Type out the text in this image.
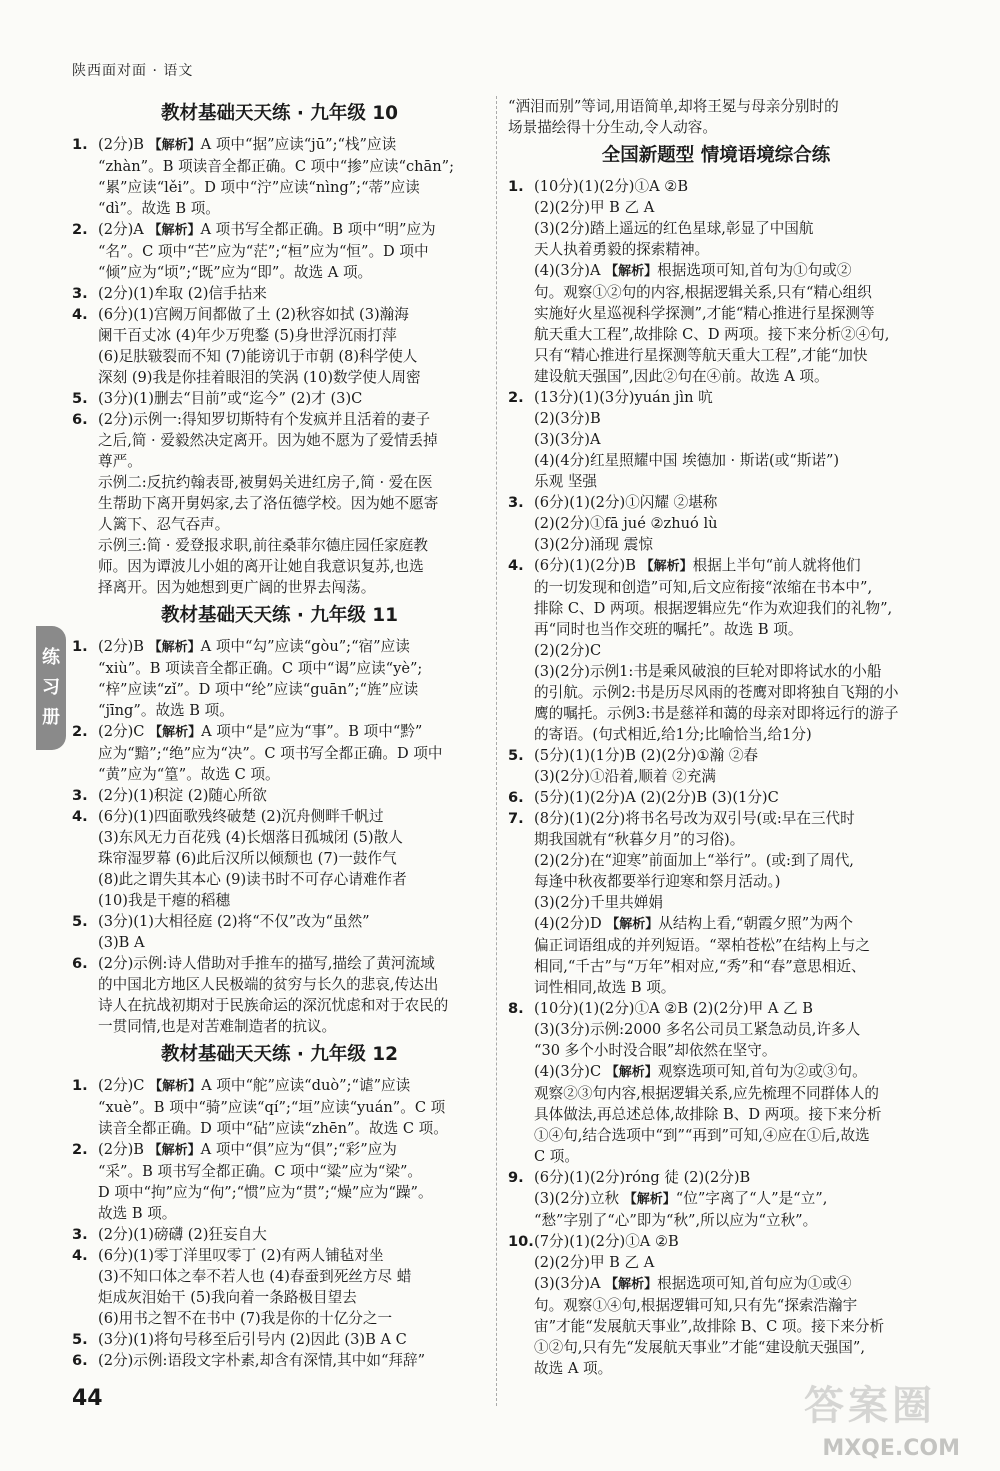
陕西面对面 · 语文
教材基础天天练 · 九年级 10
1. (2分)B 【解析】A 项中“据”应读“jū”;“栈”应读
“zhàn”。B 项读音全都正确。C 项中“掺”应读“chān”;
“累”应读“lěi”。D 项中“泞”应读“nìng”;“蒂”应读
“dì”。故选 B 项。
2. (2分)A 【解析】A 项书写全都正确。B 项中“明”应为
“名”。C 项中“芒”应为“茫”;“桓”应为“恒”。D 项中
“倾”应为“顷”;“既”应为“即”。故选 A 项。
3. (2分)(1)牟取 (2)信手拈来
4. (6分)(1)宫阙万间都做了土 (2)秋容如拭 (3)瀚海
阑干百丈冰 (4)年少万兜鍪 (5)身世浮沉雨打萍
(6)足肤皲裂而不知 (7)能谤讥于市朝 (8)科学使人
深刻 (9)我是你挂着眼泪的笑涡 (10)数学使人周密
5. (3分)(1)删去“目前”或“迄今” (2)才 (3)C
6. (2分)示例一:得知罗切斯特有个发疯并且活着的妻子
之后,简 · 爱毅然决定离开。因为她不愿为了爱情丢掉
尊严。
示例二:反抗约翰表哥,被舅妈关进红房子,简 · 爱在医
生帮助下离开舅妈家,去了洛伍德学校。因为她不愿寄
人篱下、忍气吞声。
示例三:简 · 爱登报求职,前往桑菲尔德庄园任家庭教
师。因为谭波儿小姐的离开让她自我意识复苏,也选
择离开。因为她想到更广阔的世界去闯荡。
教材基础天天练 · 九年级 11
1. (2分)B 【解析】A 项中“勾”应读“gòu”;“宿”应读
“xiù”。B 项读音全都正确。C 项中“谒”应读“yè”;
“梓”应读“zǐ”。D 项中“纶”应读“guān”;“旌”应读
“jīng”。故选 B 项。
2. (2分)C 【解析】A 项中“是”应为“事”。B 项中“黔”
应为“黯”;“绝”应为“决”。C 项书写全都正确。D 项中
“黄”应为“篁”。故选 C 项。
3. (2分)(1)积淀 (2)随心所欲
4. (6分)(1)四面歌残终破楚 (2)沉舟侧畔千帆过
(3)东风无力百花残 (4)长烟落日孤城闭 (5)散人
珠帘湿罗幕 (6)此后汉所以倾颓也 (7)一鼓作气
(8)此之谓失其本心 (9)读书时不可存心请难作者
(10)我是干瘪的稻穗
5. (3分)(1)大相径庭 (2)将“不仅”改为“虽然”
(3)B A
6. (2分)示例:诗人借助对手推车的描写,描绘了黄河流域
的中国北方地区人民极端的贫穷与长久的悲哀,传达出
诗人在抗战初期对于民族命运的深沉忧虑和对于农民的
一贯同情,也是对苦难制造者的抗议。
教材基础天天练 · 九年级 12
1. (2分)C 【解析】A 项中“舵”应读“duò”;“谑”应读
“xuè”。B 项中“骑”应读“qí”;“垣”应读“yuán”。C 项
读音全都正确。D 项中“砧”应读“zhēn”。故选 C 项。
2. (2分)B 【解析】A 项中“俱”应为“俱”;“彩”应为
“采”。B 项书写全都正确。C 项中“粱”应为“梁”。
D 项中“拘”应为“佝”;“惯”应为“贯”;“燥”应为“躁”。
故选 B 项。
3. (2分)(1)磅礴 (2)狂妄自大
4. (6分)(1)零丁洋里叹零丁 (2)有两人铺毡对坐
(3)不知口体之奉不若人也 (4)春蚕到死丝方尽 蜡
炬成灰泪始干 (5)我向着一条路极目望去
(6)用书之智不在书中 (7)我是你的十亿分之一
5. (3分)(1)将句号移至后引号内 (2)因此 (3)B A C
6. (2分)示例:语段文字朴素,却含有深情,其中如“拜辞”
“洒泪而别”等词,用语简单,却将王冕与母亲分别时的
场景描绘得十分生动,令人动容。
全国新题型 情境语境综合练
1. (10分)(1)(2分)①A ②B
(2)(2分)甲 B 乙 A
(3)(2分)踏上遥远的红色星球,彰显了中国航
天人执着勇毅的探索精神。
(4)(3分)A 【解析】根据选项可知,首句为①句或②
句。观察①②句的内容,根据逻辑关系,只有“精心组织
实施好火星巡视科学探测”,才能“精心推进行星探测等
航天重大工程”,故排除 C、D 两项。接下来分析②④句,
只有“精心推进行星探测等航天重大工程”,才能“加快
建设航天强国”,因此②句在④前。故选 A 项。
2. (13分)(1)(3分)yuán jìn 吭
(2)(3分)B
(3)(3分)A
(4)(4分)红星照耀中国 埃德加 · 斯诺(或“斯诺”)
乐观 坚强
3. (6分)(1)(2分)①闪耀 ②堪称
(2)(2分)①fā jué ②zhuó lù
(3)(2分)涌现 震惊
4. (6分)(1)(2分)B 【解析】根据上半句“前人就将他们
的一切发现和创造”可知,后文应衔接“浓缩在书本中”,
排除 C、D 两项。根据逻辑应先“作为欢迎我们的礼物”,
再“同时也当作交班的嘱托”。故选 B 项。
(2)(2分)C
(3)(2分)示例1:书是乘风破浪的巨轮对即将试水的小船
的引航。示例2:书是历尽风雨的苍鹰对即将独自飞翔的小
鹰的嘱托。示例3:书是慈祥和蔼的母亲对即将远行的游子
的寄语。(句式相近,给1分;比喻恰当,给1分)
5. (5分)(1)(1分)B (2)(2分)①瀚 ②春
(3)(2分)①沿着,顺着 ②充满
6. (5分)(1)(2分)A (2)(2分)B (3)(1分)C
7. (8分)(1)(2分)将书名号改为双引号(或:早在三代时
期我国就有“秋暮夕月”的习俗)。
(2)(2分)在“迎寒”前面加上“举行”。(或:到了周代,
每逢中秋夜都要举行迎寒和祭月活动。)
(3)(2分)千里共婵娟
(4)(2分)D 【解析】从结构上看,“朝霞夕照”为两个
偏正词语组成的并列短语。“翠柏苍松”在结构上与之
相同,“千古”与“万年”相对应,“秀”和“春”意思相近、
词性相同,故选 B 项。
8. (10分)(1)(2分)①A ②B (2)(2分)甲 A 乙 B
(3)(3分)示例:2000 多名公司员工紧急动员,许多人
“30 多个小时没合眼”却依然在坚守。
(4)(3分)C 【解析】观察选项可知,首句为②或③句。
观察②③句内容,根据逻辑关系,应先梳理不同群体人的
具体做法,再总述总体,故排除 B、D 两项。接下来分析
①④句,结合选项中“到”“再到”可知,④应在①后,故选
C 项。
9. (6分)(1)(2分)róng 徒 (2)(2分)B
(3)(2分)立秋 【解析】“位”字离了“人”是“立”,
“愁”字别了“心”即为“秋”,所以应为“立秋”。
10. (7分)(1)(2分)①A ②B
(2)(2分)甲 B 乙 A
(3)(3分)A 【解析】根据选项可知,首句应为①或④
句。观察①④句,根据逻辑可知,只有先“探索浩瀚宇
宙”才能“发展航天事业”,故排除 B、C 项。接下来分析
①②句,只有先“发展航天事业”才能“建设航天强国”,
故选 A 项。
练
习
册
44	答案圈
MXQE.COM
